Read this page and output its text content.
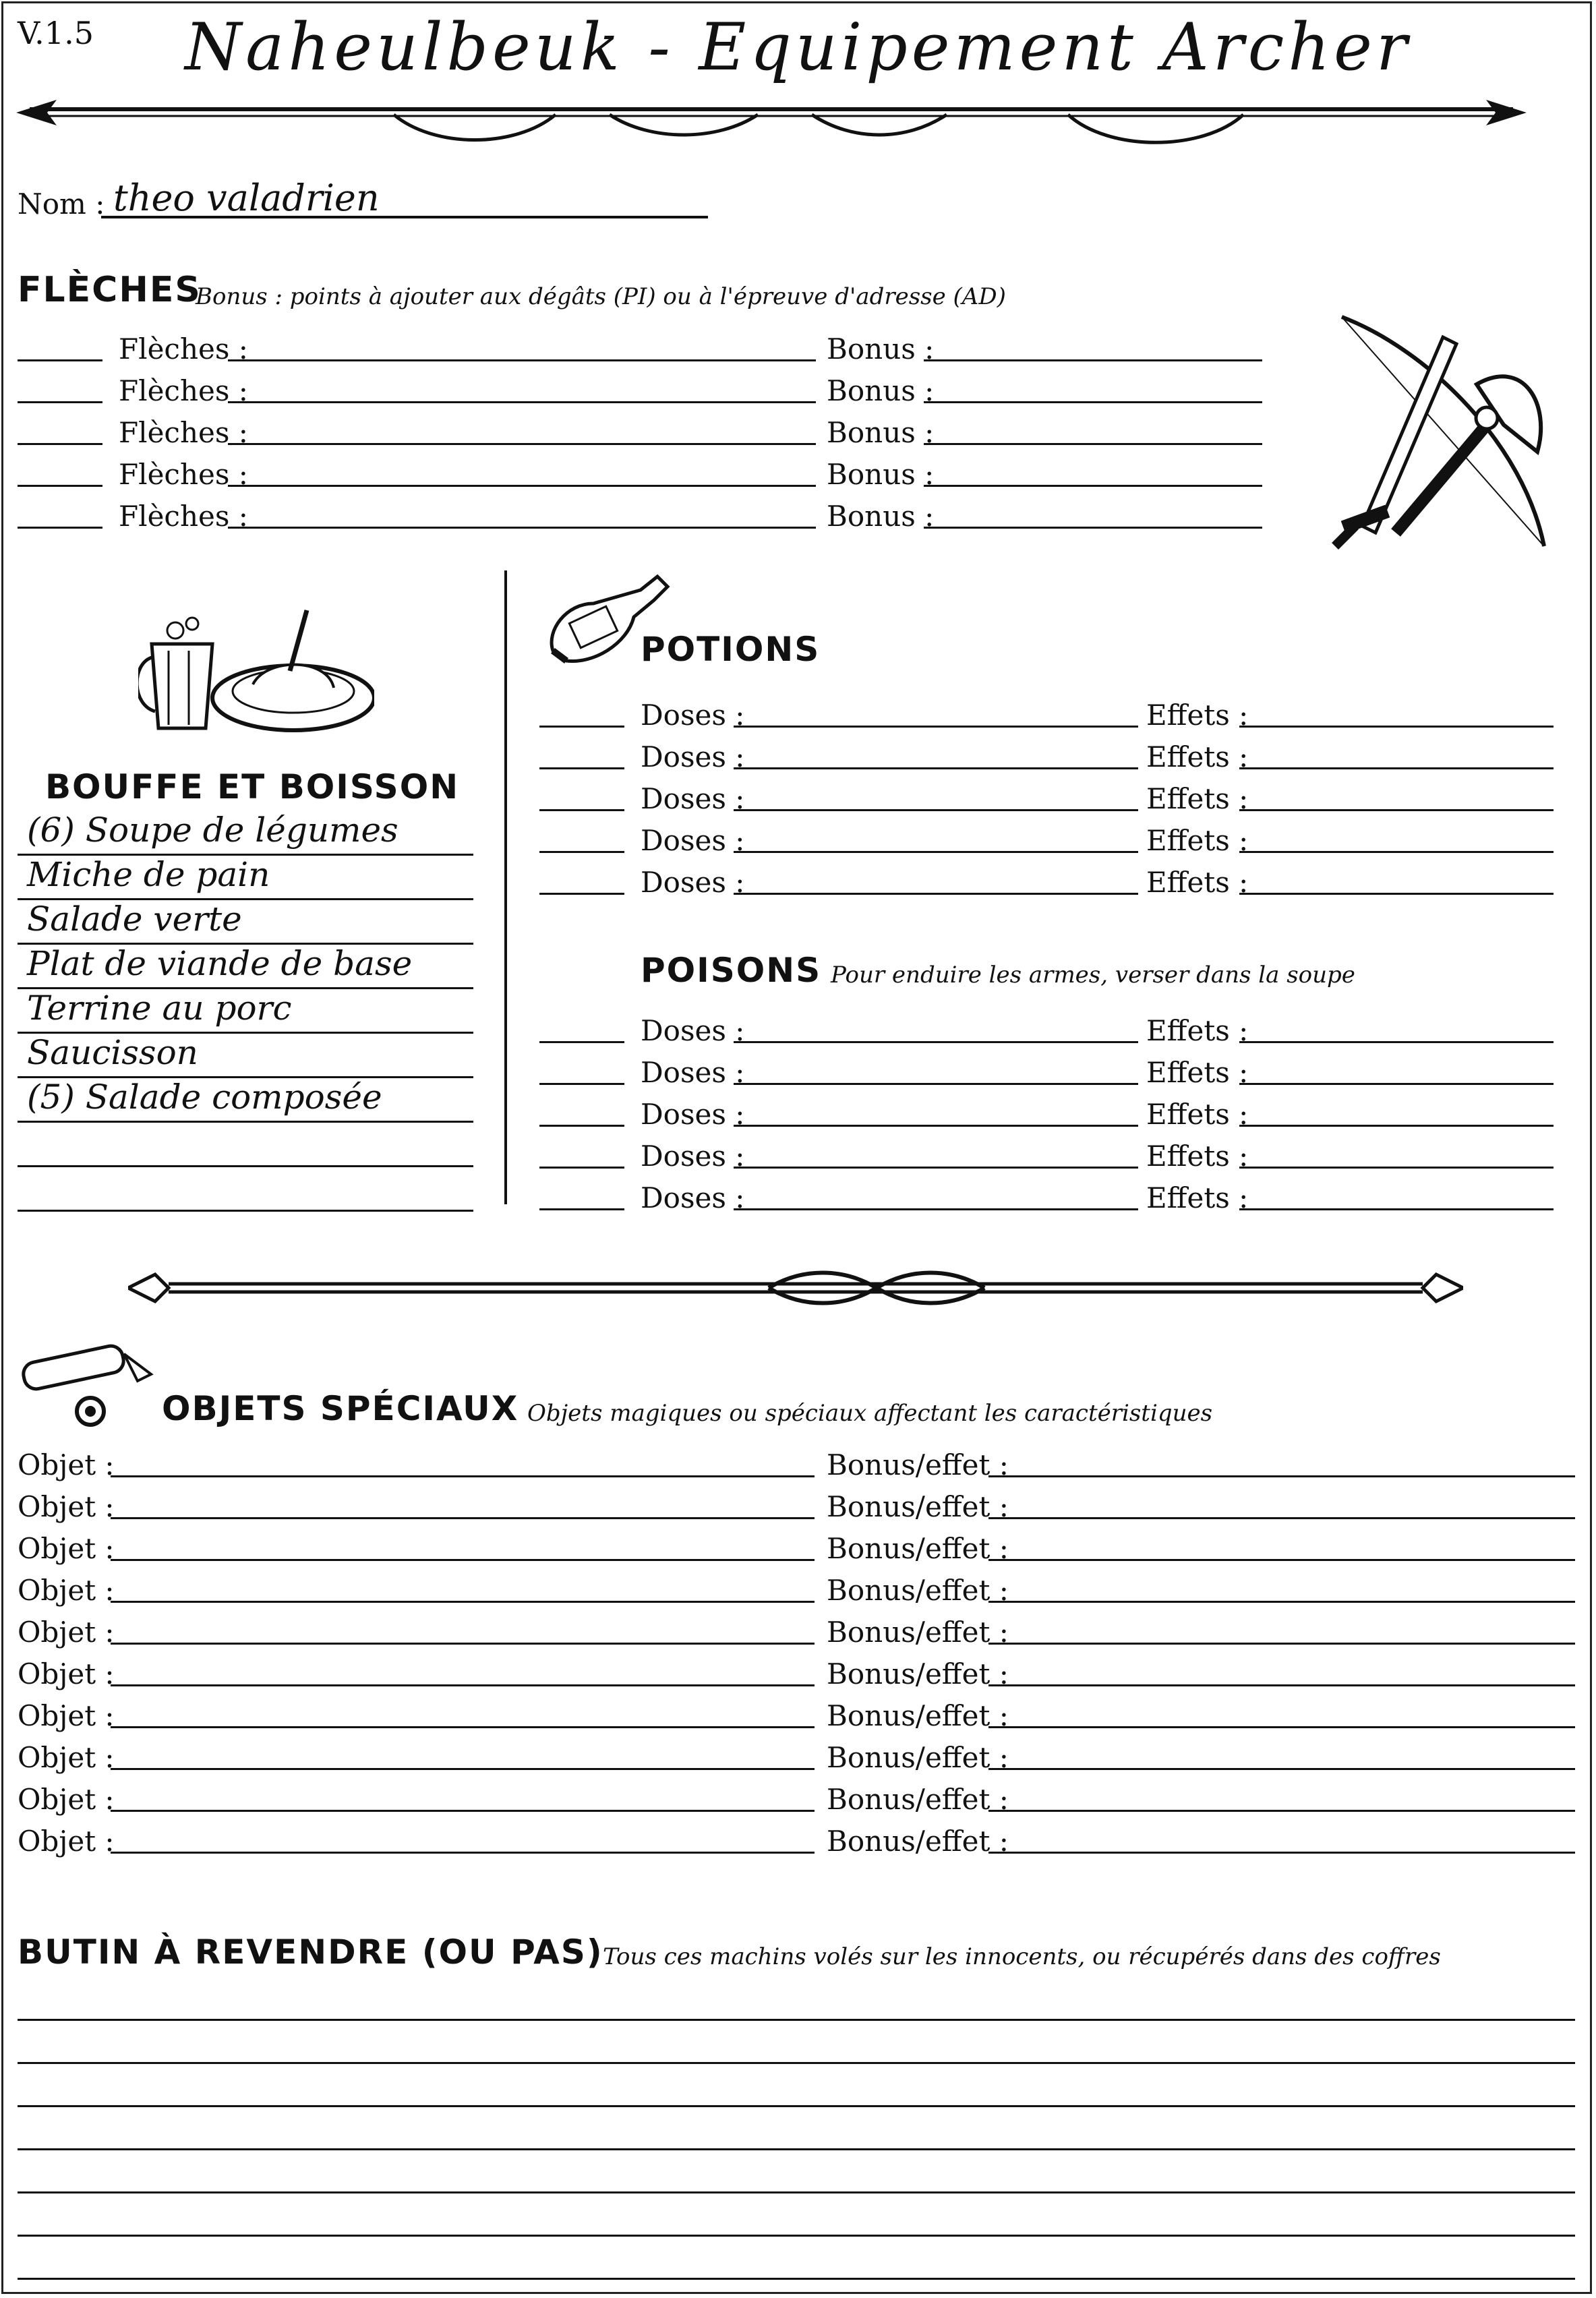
V.1.5	Naheulbeuk - Equipement Archer
Nom : theo valadrien
FLÈCHES
Bonus : points à ajouter aux dégâts (PI) ou à l'épreuve d'adresse (AD)
Flèches :	Bonus :
Flèches :	Bonus :
Flèches :	Bonus :
Flèches :	Bonus :
Flèches :	Bonus :
BOUFFE ET BOISSON
(6) Soupe de légumes
Miche de pain
Salade verte
Plat de viande de base
Terrine au porc
Saucisson
(5) Salade composée
POTIONS
Doses :	Effets :
Doses :	Effets :
Doses :	Effets :
Doses :	Effets :
Doses :	Effets :
POISONS Pour enduire les armes, verser dans la soupe
Doses :	Effets :
Doses :	Effets :
Doses :	Effets :
Doses :	Effets :
Doses :	Effets :
OBJETS SPÉCIAUX Objets magiques ou spéciaux affectant les caractéristiques
Objet :	Bonus/effet :
Objet :	Bonus/effet :
Objet :	Bonus/effet :
Objet :	Bonus/effet :
Objet :	Bonus/effet :
Objet :	Bonus/effet :
Objet :	Bonus/effet :
Objet :	Bonus/effet :
Objet :	Bonus/effet :
Objet :	Bonus/effet :
BUTIN À REVENDRE (OU PAS) Tous ces machins volés sur les innocents, ou récupérés dans des coffres
